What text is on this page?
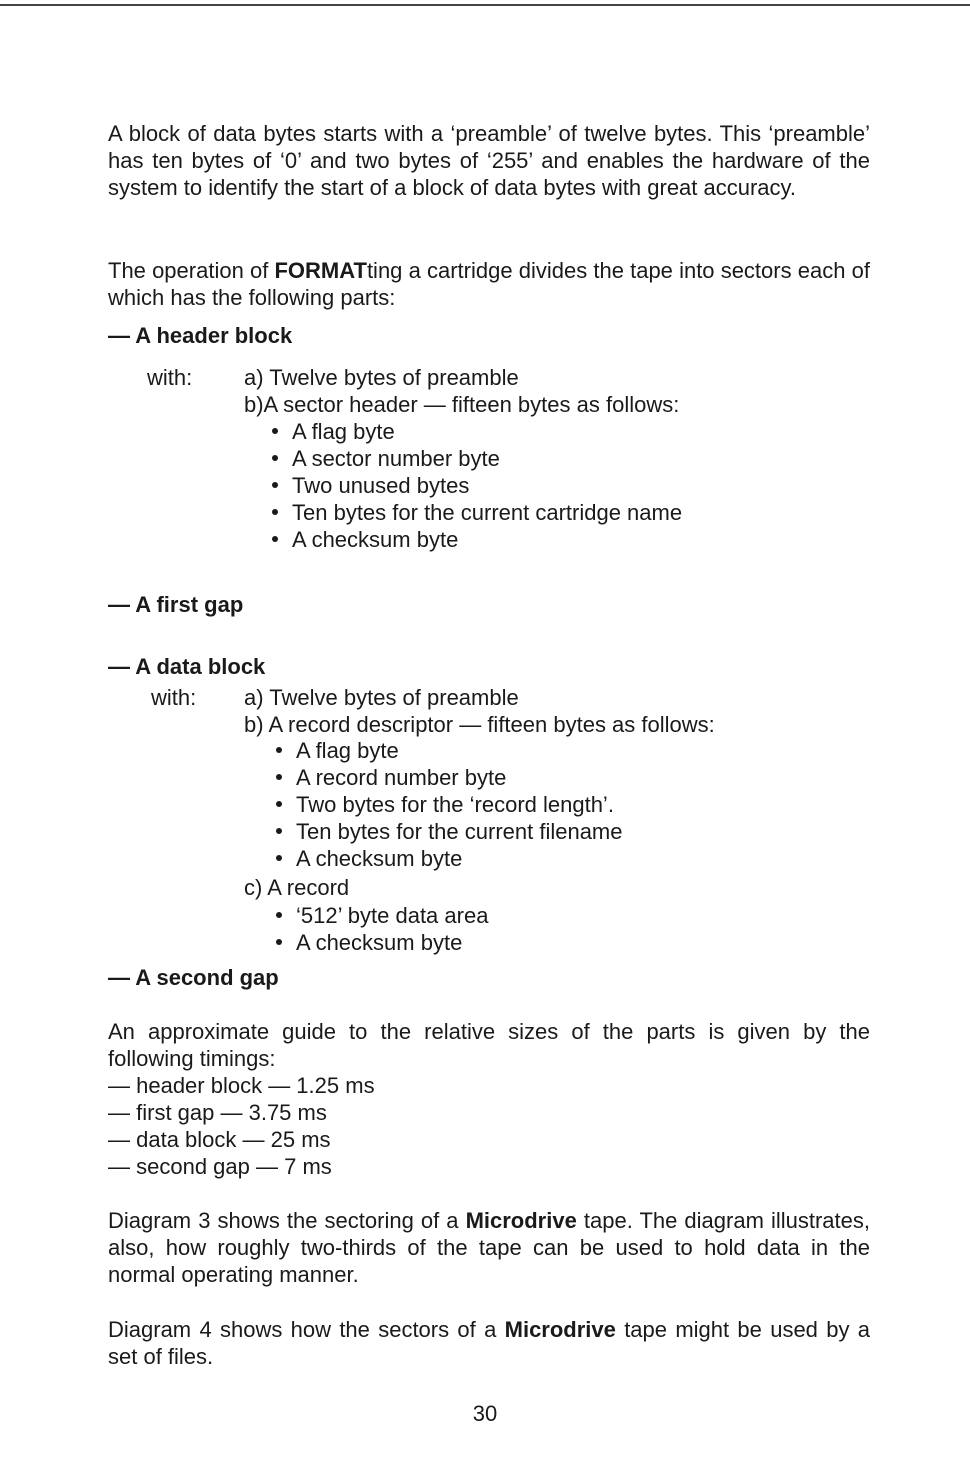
A block of data bytes starts with a ‘preamble’ of twelve bytes. This ‘preamble’ has ten bytes of ‘0’ and two bytes of ‘255’ and enables the hardware of the system to identify the start of a block of data bytes with great accuracy.
The operation of FORMATting a cartridge divides the tape into sectors each of which has the following parts:
— A header block
with: a) Twelve bytes of preamble
b)A sector header — fifteen bytes as follows:
A flag byte
A sector number byte
Two unused bytes
Ten bytes for the current cartridge name
A checksum byte
— A first gap
— A data block
with: a) Twelve bytes of preamble
b) A record descriptor — fifteen bytes as follows:
A flag byte
A record number byte
Two bytes for the ‘record length’.
Ten bytes for the current filename
A checksum byte
c) A record
‘512’ byte data area
A checksum byte
— A second gap
An approximate guide to the relative sizes of the parts is given by the following timings:
— header block — 1.25 ms
— first gap — 3.75 ms
— data block — 25 ms
— second gap — 7 ms
Diagram 3 shows the sectoring of a Microdrive tape. The diagram illustrates, also, how roughly two-thirds of the tape can be used to hold data in the normal operating manner.
Diagram 4 shows how the sectors of a Microdrive tape might be used by a set of files.
30
